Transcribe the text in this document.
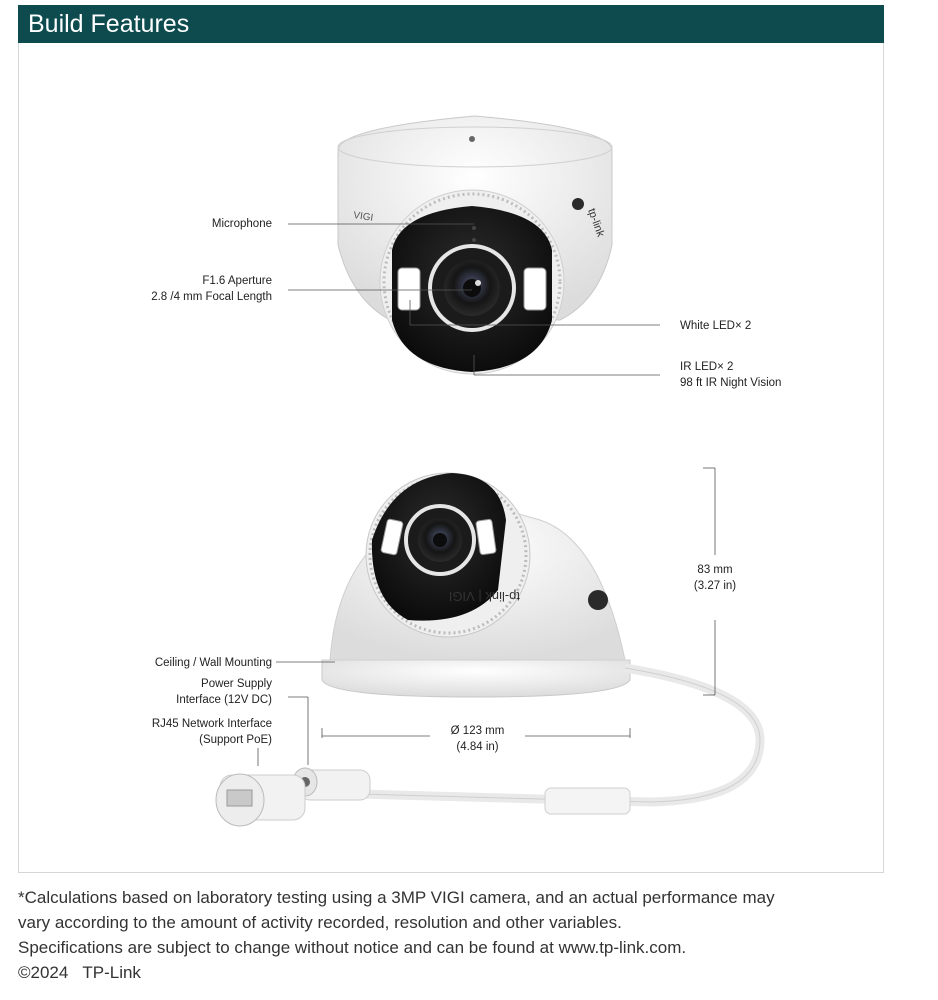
Build Features
VIGI	tp-link
tp-link | VIGI
Microphone
F1.6 Aperture
2.8 /4 mm Focal Length
White LED× 2
IR LED× 2
98 ft IR Night Vision
83 mm
(3.27 in)
Ceiling / Wall Mounting
Power Supply
Interface (12V DC)
RJ45 Network Interface
(Support PoE)
Ø 123 mm
(4.84 in)
*Calculations based on laboratory testing using a 3MP VIGI camera, and an actual performance may
vary according to the amount of activity recorded, resolution and other variables.
Specifications are subject to change without notice and can be found at www.tp-link.com.
©2024 TP-Link
